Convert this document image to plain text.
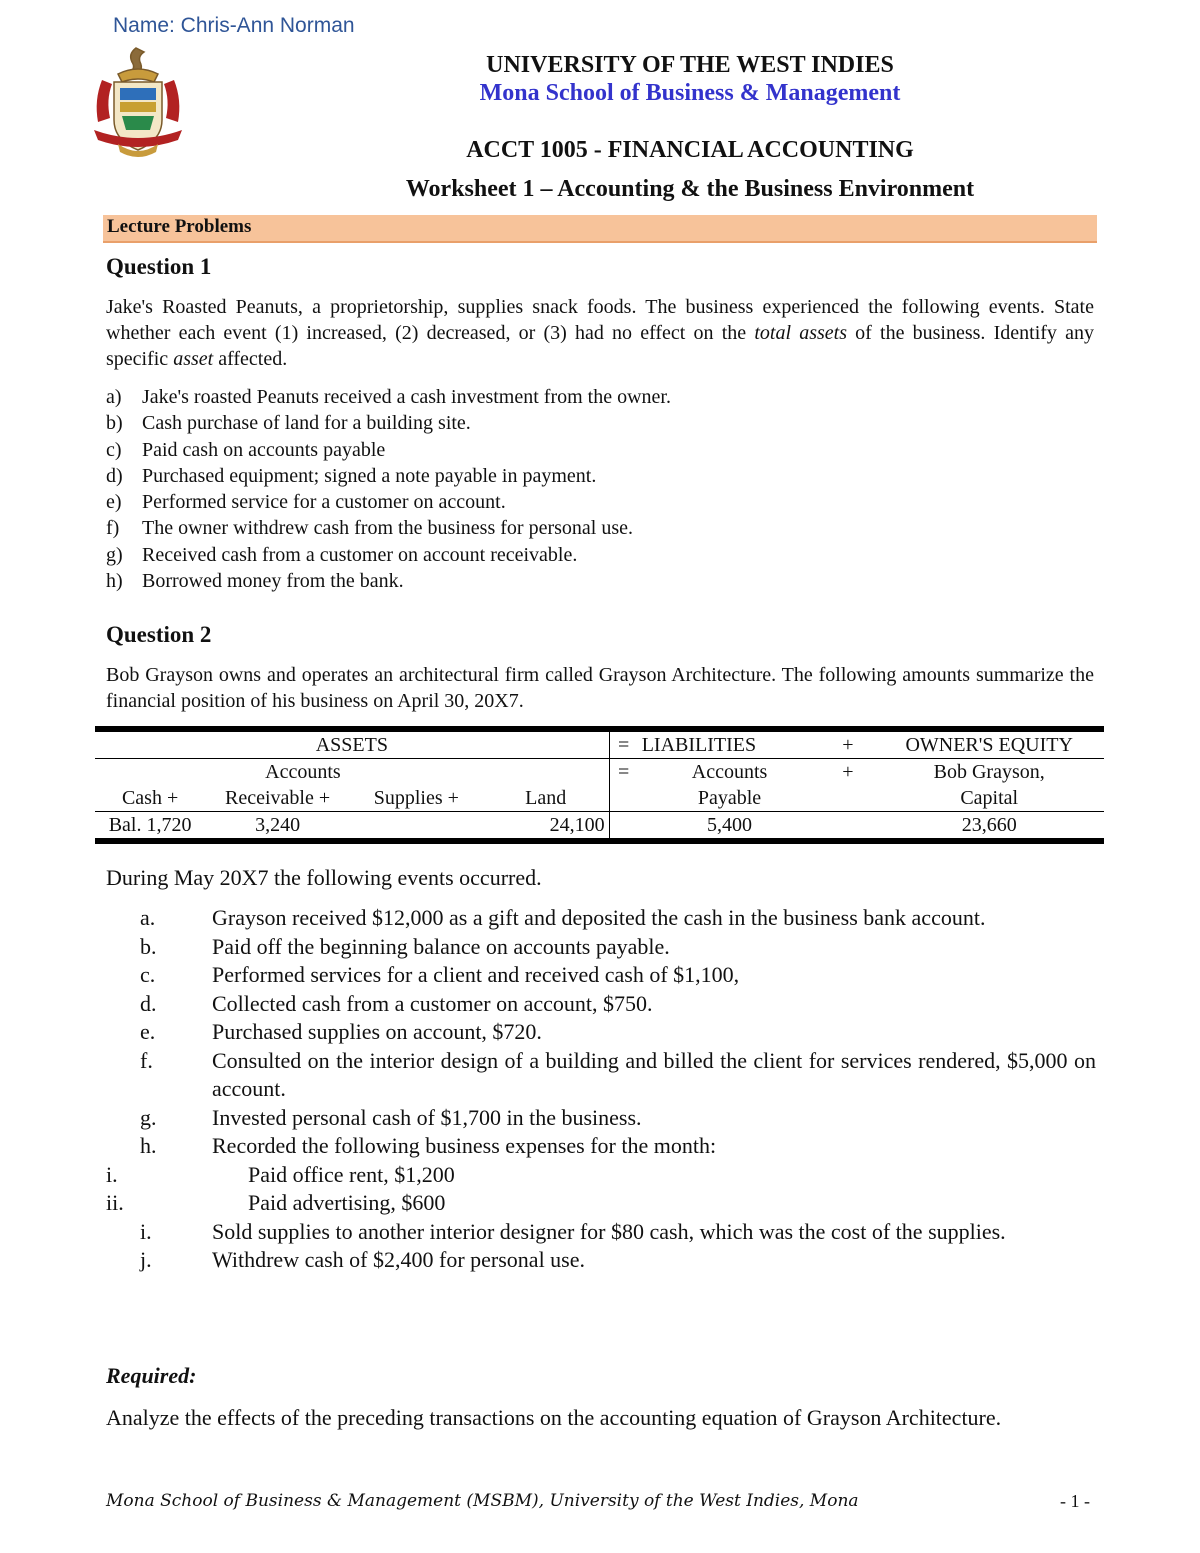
Name: Chris-Ann Norman
UNIVERSITY OF THE WEST INDIES
Mona School of Business & Management
ACCT 1005 - FINANCIAL ACCOUNTING
Worksheet 1 – Accounting & the Business Environment
Lecture Problems
Question 1
Jake's Roasted Peanuts, a proprietorship, supplies snack foods. The business experienced the following events. State whether each event (1) increased, (2) decreased, or (3) had no effect on the total assets of the business. Identify any specific asset affected.
a) Jake's roasted Peanuts received a cash investment from the owner.
b) Cash purchase of land for a building site.
c) Paid cash on accounts payable
d) Purchased equipment; signed a note payable in payment.
e) Performed service for a customer on account.
f) The owner withdrew cash from the business for personal use.
g) Received cash from a customer on account receivable.
h) Borrowed money from the bank.
Question 2
Bob Grayson owns and operates an architectural firm called Grayson Architecture. The following amounts summarize the financial position of his business on April 30, 20X7.
ASSETS				=	LIABILITIES	+	OWNER'S EQUITY
	Accounts			=	Accounts	+	Bob Grayson,
Cash +	Receivable +	Supplies +	Land		Payable		Capital
Bal. 1,720	3,240		24,100		5,400		23,660
During May 20X7 the following events occurred.
a.	Grayson received $12,000 as a gift and deposited the cash in the business bank account.
b.	Paid off the beginning balance on accounts payable.
c.	Performed services for a client and received cash of $1,100,
d.	Collected cash from a customer on account, $750.
e.	Purchased supplies on account, $720.
f.	Consulted on the interior design of a building and billed the client for services rendered, $5,000 on account.
g.	Invested personal cash of $1,700 in the business.
h.	Recorded the following business expenses for the month:
i.	Paid office rent, $1,200
ii.	Paid advertising, $600
i.	Sold supplies to another interior designer for $80 cash, which was the cost of the supplies.
j.	Withdrew cash of $2,400 for personal use.
Required:
Analyze the effects of the preceding transactions on the accounting equation of Grayson Architecture.
Mona School of Business & Management (MSBM), University of the West Indies, Mona	- 1 -
